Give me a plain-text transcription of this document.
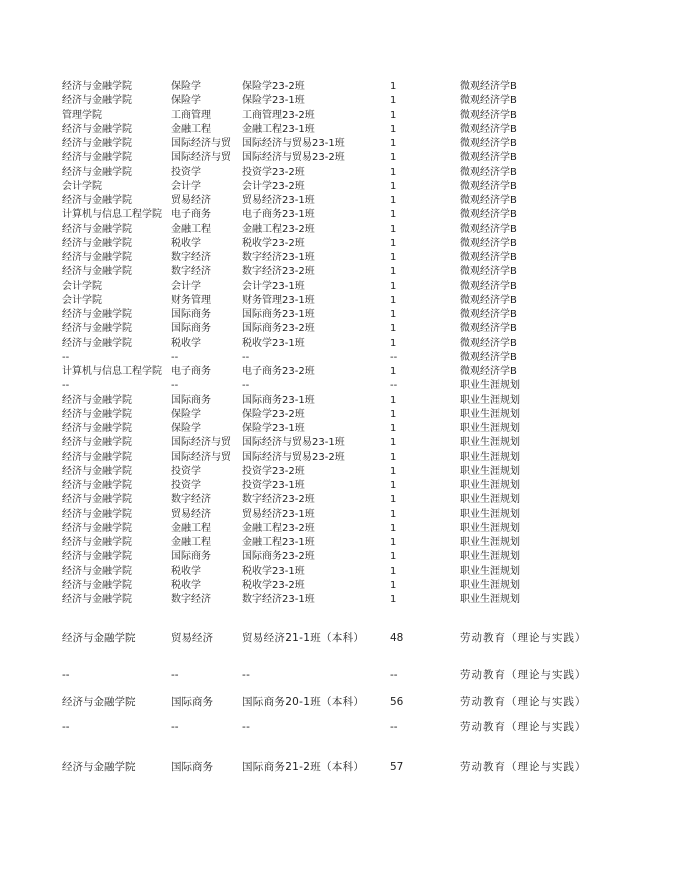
经济与金融学院	保险学	保险学23-2班	1	微观经济学B
经济与金融学院	保险学	保险学23-1班	1	微观经济学B
管理学院	工商管理	工商管理23-2班	1	微观经济学B
经济与金融学院	金融工程	金融工程23-1班	1	微观经济学B
经济与金融学院	国际经济与贸	国际经济与贸易23-1班	1	微观经济学B
经济与金融学院	国际经济与贸	国际经济与贸易23-2班	1	微观经济学B
经济与金融学院	投资学	投资学23-2班	1	微观经济学B
会计学院	会计学	会计学23-2班	1	微观经济学B
经济与金融学院	贸易经济	贸易经济23-1班	1	微观经济学B
计算机与信息工程学院 电子商务	电子商务23-1班	1	微观经济学B
经济与金融学院	金融工程	金融工程23-2班	1	微观经济学B
经济与金融学院	税收学	税收学23-2班	1	微观经济学B
经济与金融学院	数字经济	数字经济23-1班	1	微观经济学B
经济与金融学院	数字经济	数字经济23-2班	1	微观经济学B
会计学院	会计学	会计学23-1班	1	微观经济学B
会计学院	财务管理	财务管理23-1班	1	微观经济学B
经济与金融学院	国际商务	国际商务23-1班	1	微观经济学B
经济与金融学院	国际商务	国际商务23-2班	1	微观经济学B
经济与金融学院	税收学	税收学23-1班	1	微观经济学B
--	--	--	--	微观经济学B
计算机与信息工程学院 电子商务	电子商务23-2班	1	微观经济学B
--	--	--	--	职业生涯规划
经济与金融学院	国际商务	国际商务23-1班	1	职业生涯规划
经济与金融学院	保险学	保险学23-2班	1	职业生涯规划
经济与金融学院	保险学	保险学23-1班	1	职业生涯规划
经济与金融学院	国际经济与贸	国际经济与贸易23-1班	1	职业生涯规划
经济与金融学院	国际经济与贸	国际经济与贸易23-2班	1	职业生涯规划
经济与金融学院	投资学	投资学23-2班	1	职业生涯规划
经济与金融学院	投资学	投资学23-1班	1	职业生涯规划
经济与金融学院	数字经济	数字经济23-2班	1	职业生涯规划
经济与金融学院	贸易经济	贸易经济23-1班	1	职业生涯规划
经济与金融学院	金融工程	金融工程23-2班	1	职业生涯规划
经济与金融学院	金融工程	金融工程23-1班	1	职业生涯规划
经济与金融学院	国际商务	国际商务23-2班	1	职业生涯规划
经济与金融学院	税收学	税收学23-1班	1	职业生涯规划
经济与金融学院	税收学	税收学23-2班	1	职业生涯规划
经济与金融学院	数字经济	数字经济23-1班	1	职业生涯规划
经济与金融学院	贸易经济	贸易经济21-1班（本科）	48	劳动教育（理论与实践）
--	--	--	--	劳动教育（理论与实践）
经济与金融学院	国际商务	国际商务20-1班（本科）	56	劳动教育（理论与实践）
--	--	--	--	劳动教育（理论与实践）
经济与金融学院	国际商务	国际商务21-2班（本科）	57	劳动教育（理论与实践）
